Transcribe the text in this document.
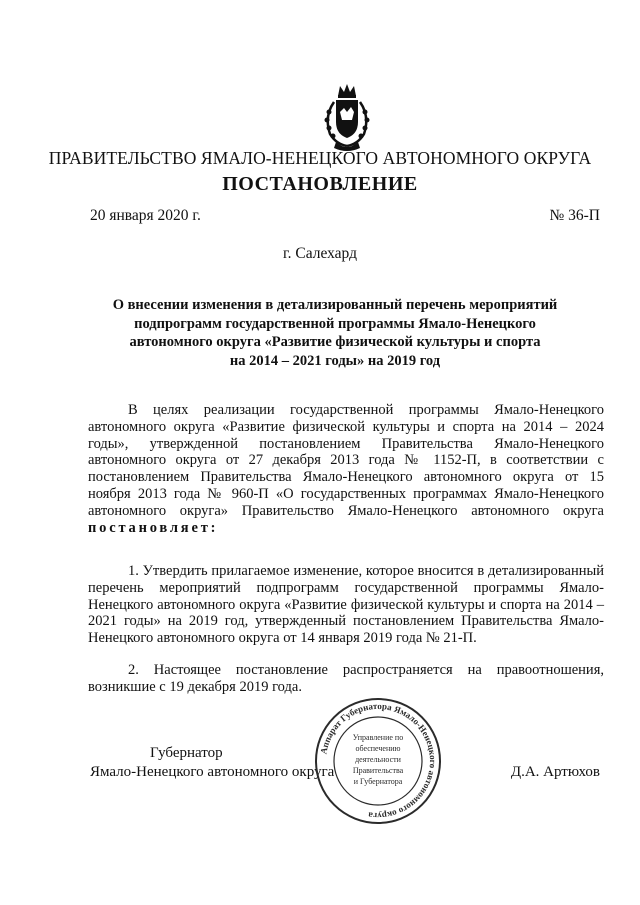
ПРАВИТЕЛЬСТВО ЯМАЛО-НЕНЕЦКОГО АВТОНОМНОГО ОКРУГА
ПОСТАНОВЛЕНИЕ
20 января 2020 г.	№ 36-П
г. Салехард
О внесении изменения в детализированный перечень мероприятий
подпрограмм государственной программы Ямало-Ненецкого
автономного округа «Развитие физической культуры и спорта
на 2014 – 2021 годы» на 2019 год
В целях реализации государственной программы Ямало-Ненецкого автономного округа «Развитие физической культуры и спорта на 2014 – 2024 годы», утвержденной постановлением Правительства Ямало-Ненецкого автономного округа от 27 декабря 2013 года № 1152-П, в соответствии с постановлением Правительства Ямало-Ненецкого автономного округа от 15 ноября 2013 года № 960-П «О государственных программах Ямало-Ненецкого автономного округа» Правительство Ямало-Ненецкого автономного округа постановляет:
1. Утвердить прилагаемое изменение, которое вносится в детализированный перечень мероприятий подпрограмм государственной программы Ямало-Ненецкого автономного округа «Развитие физической культуры и спорта на 2014 – 2021 годы» на 2019 год, утвержденный постановлением Правительства Ямало-Ненецкого автономного округа от 14 января 2019 года № 21-П.
2. Настоящее постановление распространяется на правоотношения, возникшие с 19 декабря 2019 года.
Губернатор
Ямало-Ненецкого автономного округа	Д.А. Артюхов
Аппарат Губернатора Ямало-Ненецкого автономного округа
Управление по
обеспечению
деятельности
Правительства
и Губернатора
